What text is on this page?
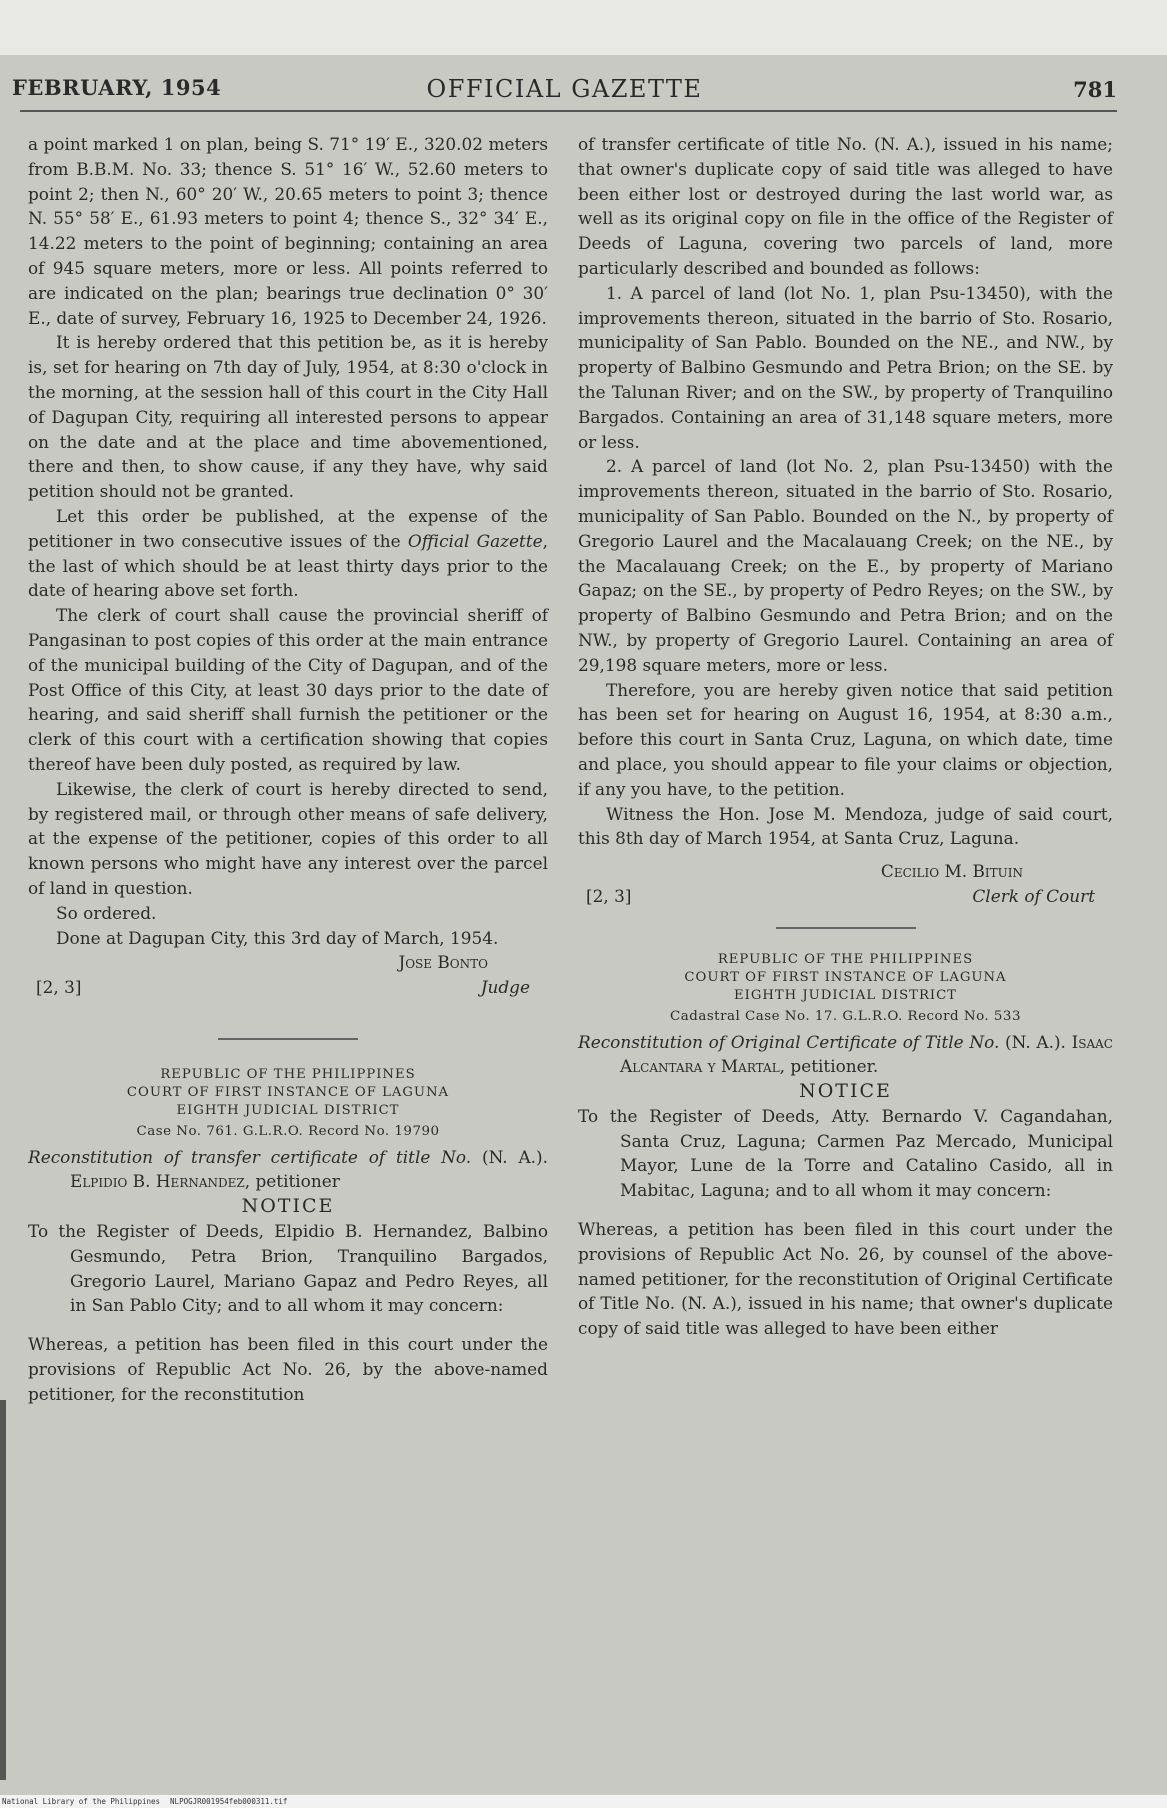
FEBRUARY, 1954	OFFICIAL GAZETTE	781

a point marked 1 on plan, being S. 71° 19′ E., 320.02 meters from B.B.M. No. 33; thence S. 51° 16′ W., 52.60 meters to point 2; then N., 60° 20′ W., 20.65 meters to point 3; thence N. 55° 58′ E., 61.93 meters to point 4; thence S., 32° 34′ E., 14.22 meters to the point of beginning; containing an area of 945 square meters, more or less. All points referred to are indicated on the plan; bearings true declination 0° 30′ E., date of survey, February 16, 1925 to December 24, 1926.

It is hereby ordered that this petition be, as it is hereby is, set for hearing on 7th day of July, 1954, at 8:30 o'clock in the morning, at the session hall of this court in the City Hall of Dagupan City, requiring all interested persons to appear on the date and at the place and time abovementioned, there and then, to show cause, if any they have, why said petition should not be granted.

Let this order be published, at the expense of the petitioner in two consecutive issues of the Official Gazette, the last of which should be at least thirty days prior to the date of hearing above set forth.

The clerk of court shall cause the provincial sheriff of Pangasinan to post copies of this order at the main entrance of the municipal building of the City of Dagupan, and of the Post Office of this City, at least 30 days prior to the date of hearing, and said sheriff shall furnish the petitioner or the clerk of this court with a certification showing that copies thereof have been duly posted, as required by law.

Likewise, the clerk of court is hereby directed to send, by registered mail, or through other means of safe delivery, at the expense of the petitioner, copies of this order to all known persons who might have any interest over the parcel of land in question.

So ordered.

Done at Dagupan City, this 3rd day of March, 1954.

Jose Bonto

[2, 3]	Judge

REPUBLIC OF THE PHILIPPINES

COURT OF FIRST INSTANCE OF LAGUNA

EIGHTH JUDICIAL DISTRICT

Case No. 761. G.L.R.O. Record No. 19790

Reconstitution of transfer certificate of title No. (N. A.). Elpidio B. Hernandez, petitioner

NOTICE

To the Register of Deeds, Elpidio B. Hernandez, Balbino Gesmundo, Petra Brion, Tranquilino Bargados, Gregorio Laurel, Mariano Gapaz and Pedro Reyes, all in San Pablo City; and to all whom it may concern:

Whereas, a petition has been filed in this court under the provisions of Republic Act No. 26, by the above-named petitioner, for the reconstitution

of transfer certificate of title No. (N. A.), issued in his name; that owner's duplicate copy of said title was alleged to have been either lost or destroyed during the last world war, as well as its original copy on file in the office of the Register of Deeds of Laguna, covering two parcels of land, more particularly described and bounded as follows:

1. A parcel of land (lot No. 1, plan Psu-13450), with the improvements thereon, situated in the barrio of Sto. Rosario, municipality of San Pablo. Bounded on the NE., and NW., by property of Balbino Gesmundo and Petra Brion; on the SE. by the Talunan River; and on the SW., by property of Tranquilino Bargados. Containing an area of 31,148 square meters, more or less.

2. A parcel of land (lot No. 2, plan Psu-13450) with the improvements thereon, situated in the barrio of Sto. Rosario, municipality of San Pablo. Bounded on the N., by property of Gregorio Laurel and the Macalauang Creek; on the NE., by the Macalauang Creek; on the E., by property of Mariano Gapaz; on the SE., by property of Pedro Reyes; on the SW., by property of Balbino Gesmundo and Petra Brion; and on the NW., by property of Gregorio Laurel. Containing an area of 29,198 square meters, more or less.

Therefore, you are hereby given notice that said petition has been set for hearing on August 16, 1954, at 8:30 a.m., before this court in Santa Cruz, Laguna, on which date, time and place, you should appear to file your claims or objection, if any you have, to the petition.

Witness the Hon. Jose M. Mendoza, judge of said court, this 8th day of March 1954, at Santa Cruz, Laguna.

Cecilio M. Bituin

[2, 3]	Clerk of Court

REPUBLIC OF THE PHILIPPINES

COURT OF FIRST INSTANCE OF LAGUNA

EIGHTH JUDICIAL DISTRICT

Cadastral Case No. 17. G.L.R.O. Record No. 533

Reconstitution of Original Certificate of Title No. (N. A.). Isaac Alcantara y Martal, petitioner.

NOTICE

To the Register of Deeds, Atty. Bernardo V. Cagandahan, Santa Cruz, Laguna; Carmen Paz Mercado, Municipal Mayor, Lune de la Torre and Catalino Casido, all in Mabitac, Laguna; and to all whom it may concern:

Whereas, a petition has been filed in this court under the provisions of Republic Act No. 26, by counsel of the above-named petitioner, for the reconstitution of Original Certificate of Title No. (N. A.), issued in his name; that owner's duplicate copy of said title was alleged to have been either

National Library of the Philippines NLPOGJR001954feb000311.tif
